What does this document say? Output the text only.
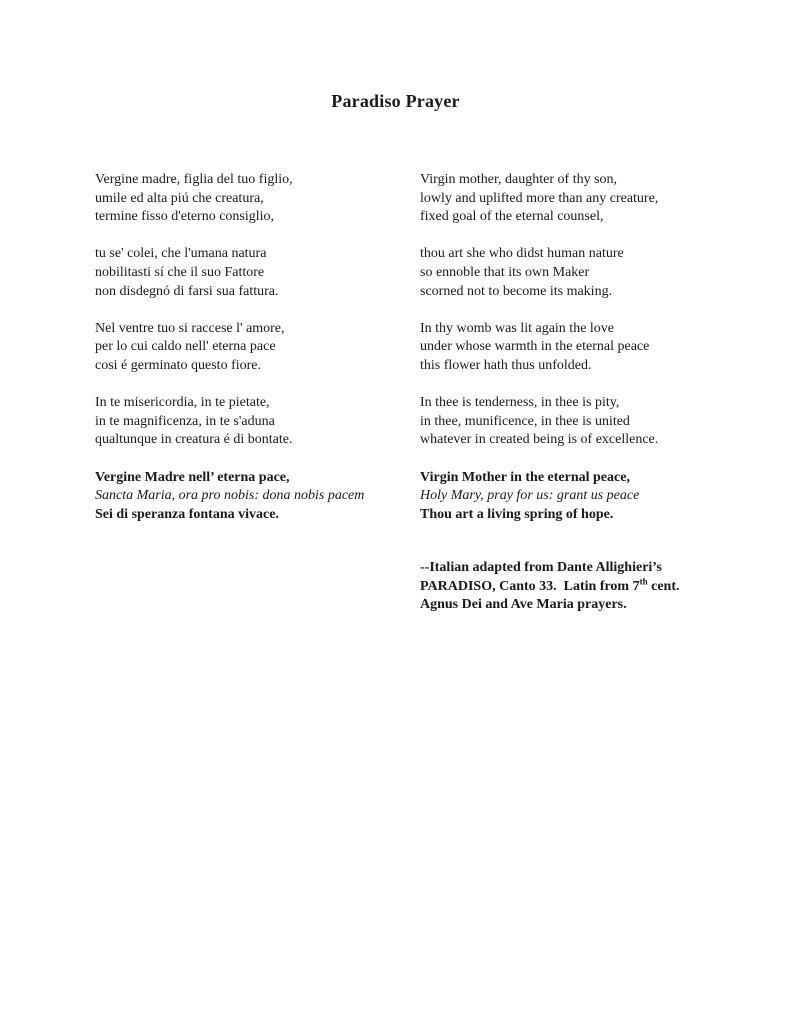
Paradiso Prayer
Vergine madre, figlia del tuo figlio,
umile ed alta piú che creatura,
termine fisso d'eterno consiglio,
tu se' colei, che l'umana natura
nobilitasti sí che il suo Fattore
non disdegnó di farsi sua fattura.
Nel ventre tuo si raccese l' amore,
per lo cui caldo nell' eterna pace
cosi é germinato questo fiore.
In te misericordia, in te pietate,
in te magnificenza, in te s'aduna
qualtunque in creatura é di bontate.
Vergine Madre nell’ eterna pace,
Sancta Maria, ora pro nobis: dona nobis pacem
Sei di speranza fontana vivace.
Virgin mother, daughter of thy son,
lowly and uplifted more than any creature,
fixed goal of the eternal counsel,
thou art she who didst human nature
so ennoble that its own Maker
scorned not to become its making.
In thy womb was lit again the love
under whose warmth in the eternal peace
this flower hath thus unfolded.
In thee is tenderness, in thee is pity,
in thee, munificence, in thee is united
whatever in created being is of excellence.
Virgin Mother in the eternal peace,
Holy Mary, pray for us: grant us peace
Thou art a living spring of hope.
--Italian adapted from Dante Allighieri’s
PARADISO, Canto 33.  Latin from 7th cent.
Agnus Dei and Ave Maria prayers.
